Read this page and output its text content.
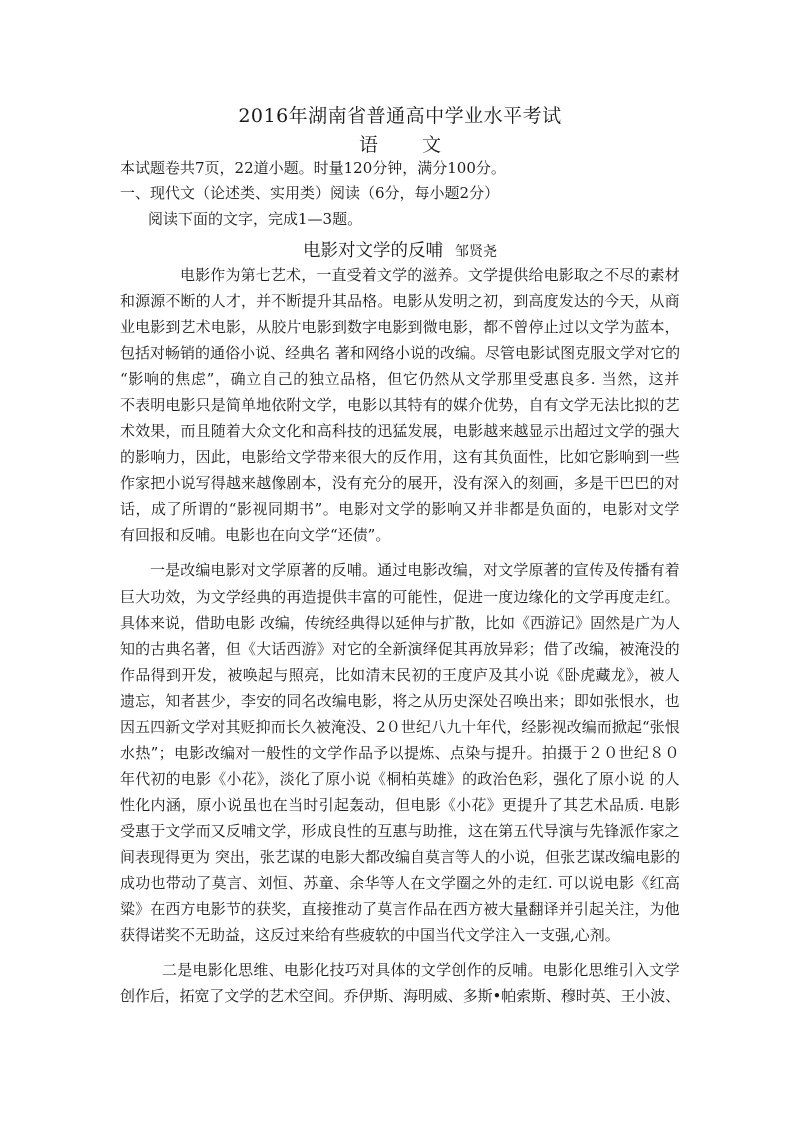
2016年湖南省普通高中学业水平考试
语 文
本试题卷共7页，22道小题。时量120分钟，满分100分。
一、现代文（论述类、实用类）阅读（6分，每小题2分）
阅读下面的文字，完成1—3题。
电影对文学的反哺 邹贤尧
电影作为第七艺术，一直受着文学的滋养。文学提供给电影取之不尽的素材
和源源不断的人才，并不断提升其品格。电影从发明之初，到高度发达的今天，从商
业电影到艺术电影，从胶片电影到数字电影到微电影，都不曾停止过以文学为蓝本，
包括对畅销的通俗小说、经典名 著和网络小说的改编。尽管电影试图克服文学对它的
“影响的焦虑”，确立自己的独立品格，但它仍然从文学那里受惠良多. 当然，这并
不表明电影只是简单地依附文学，电影以其特有的媒介优势，自有文学无法比拟的艺
术效果，而且随着大众文化和高科技的迅猛发展，电影越来越显示出超过文学的强大
的影响力，因此，电影给文学带来很大的反作用，这有其负面性，比如它影响到一些
作家把小说写得越来越像剧本，没有充分的展开，没有深入的刻画，多是干巴巴的对
话，成了所谓的“影视同期书”。电影对文学的影响又并非都是负面的，电影对文学
有回报和反哺。电影也在向文学“还债”。
一是改编电影对文学原著的反哺。通过电影改编，对文学原著的宣传及传播有着
巨大功效，为文学经典的再造提供丰富的可能性，促进一度边缘化的文学再度走红。
具体来说，借助电影 改编，传统经典得以延伸与扩散，比如《西游记》固然是广为人
知的古典名著，但《大话西游》对它的全新演绎促其再放异彩；借了改编，被淹没的
作品得到开发，被唤起与照亮，比如清末民初的王度庐及其小说《卧虎藏龙》，被人
遗忘，知者甚少，李安的同名改编电影，将之从历史深处召唤出来；即如张恨水，也
因五四新文学对其贬抑而长久被淹没、2０世纪八九十年代，经影视改编而掀起“张恨
水热”；电影改编对一般性的文学作品予以提炼、点染与提升。拍摄于２０世纪８０
年代初的电影《小花》，淡化了原小说《桐柏英雄》的政治色彩，强化了原小说 的人
性化内涵，原小说虽也在当时引起轰动，但电影《小花》更提升了其艺术品质. 电影
受惠于文学而又反哺文学，形成良性的互惠与助推，这在第五代导演与先锋派作家之
间表现得更为 突出，张艺谋的电影大都改编自莫言等人的小说，但张艺谋改编电影的
成功也带动了莫言、刘恒、苏童、余华等人在文学圈之外的走红. 可以说电影《红高
粱》在西方电影节的获奖，直接推动了莫言作品在西方被大量翻译并引起关注，为他
获得诺奖不无助益，这反过来给有些疲软的中国当代文学注入一支强,心剂。
二是电影化思维、电影化技巧对具体的文学创作的反哺。电影化思维引入文学
创作后，拓宽了文学的艺术空间。乔伊斯、海明威、多斯•帕索斯、穆时英、王小波、
